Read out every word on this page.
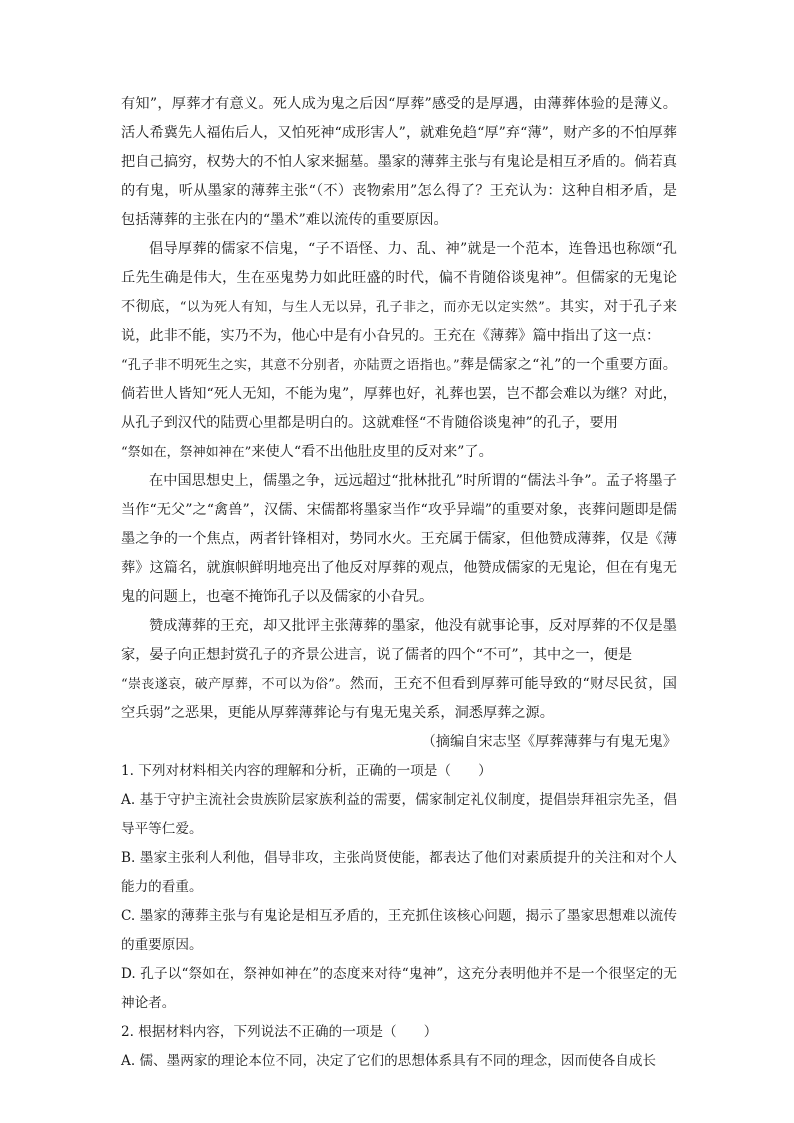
有知”，厚葬才有意义。死人成为鬼之后因“厚葬”感受的是厚遇，由薄葬体验的是薄义。活人希冀先人福佑后人，又怕死神“成形害人”，就难免趋“厚”弃“薄”，财产多的不怕厚葬把自己搞穷，权势大的不怕人家来掘墓。墨家的薄葬主张与有鬼论是相互矛盾的。倘若真的有鬼，听从墨家的薄葬主张“（不）丧物索用”怎么得了？王充认为：这种自相矛盾，是包括薄葬的主张在内的“墨术”难以流传的重要原因。

倡导厚葬的儒家不信鬼，“子不语怪、力、乱、神”就是一个范本，连鲁迅也称颂“孔丘先生确是伟大，生在巫鬼势力如此旺盛的时代，偏不肯随俗谈鬼神”。但儒家的无鬼论不彻底，“以为死人有知，与生人无以异，孔子非之，而亦无以定实然”。其实，对于孔子来说，此非不能，实乃不为，他心中是有小旮旯的。王充在《薄葬》篇中指出了这一点：
“孔子非不明死生之实，其意不分别者，亦陆贾之语指也。”葬是儒家之“礼”的一个重要方面。倘若世人皆知“死人无知，不能为鬼”，厚葬也好，礼葬也罢，岂不都会难以为继？对此，从孔子到汉代的陆贾心里都是明白的。这就难怪“不肯随俗谈鬼神”的孔子，要用
“祭如在，祭神如神在”来使人“看不出他肚皮里的反对来”了。

在中国思想史上，儒墨之争，远远超过“批林批孔”时所谓的“儒法斗争”。孟子将墨子当作“无父”之“禽兽”，汉儒、宋儒都将墨家当作“攻乎异端”的重要对象，丧葬问题即是儒墨之争的一个焦点，两者针锋相对，势同水火。王充属于儒家，但他赞成薄葬，仅是《薄葬》这篇名，就旗帜鲜明地亮出了他反对厚葬的观点，他赞成儒家的无鬼论，但在有鬼无鬼的问题上，也毫不掩饰孔子以及儒家的小旮旯。

赞成薄葬的王充，却又批评主张薄葬的墨家，他没有就事论事，反对厚葬的不仅是墨家，晏子向正想封赏孔子的齐景公进言，说了儒者的四个“不可”，其中之一，便是
“崇丧遂哀，破产厚葬，不可以为俗”。然而，王充不但看到厚葬可能导致的“财尽民贫，国空兵弱”之恶果，更能从厚葬薄葬论与有鬼无鬼关系，洞悉厚葬之源。

（摘编自宋志坚《厚葬薄葬与有鬼无鬼》

1. 下列对材料相关内容的理解和分析，正确的一项是（　　）

A. 基于守护主流社会贵族阶层家族利益的需要，儒家制定礼仪制度，提倡崇拜祖宗先圣，倡导平等仁爱。

B. 墨家主张利人利他，倡导非攻，主张尚贤使能，都表达了他们对素质提升的关注和对个人能力的看重。

C. 墨家的薄葬主张与有鬼论是相互矛盾的，王充抓住该核心问题，揭示了墨家思想难以流传的重要原因。

D. 孔子以“祭如在，祭神如神在”的态度来对待“鬼神”，这充分表明他并不是一个很坚定的无神论者。

2. 根据材料内容，下列说法不正确的一项是（　　）

A. 儒、墨两家的理论本位不同，决定了它们的思想体系具有不同的理念，因而使各自成长
